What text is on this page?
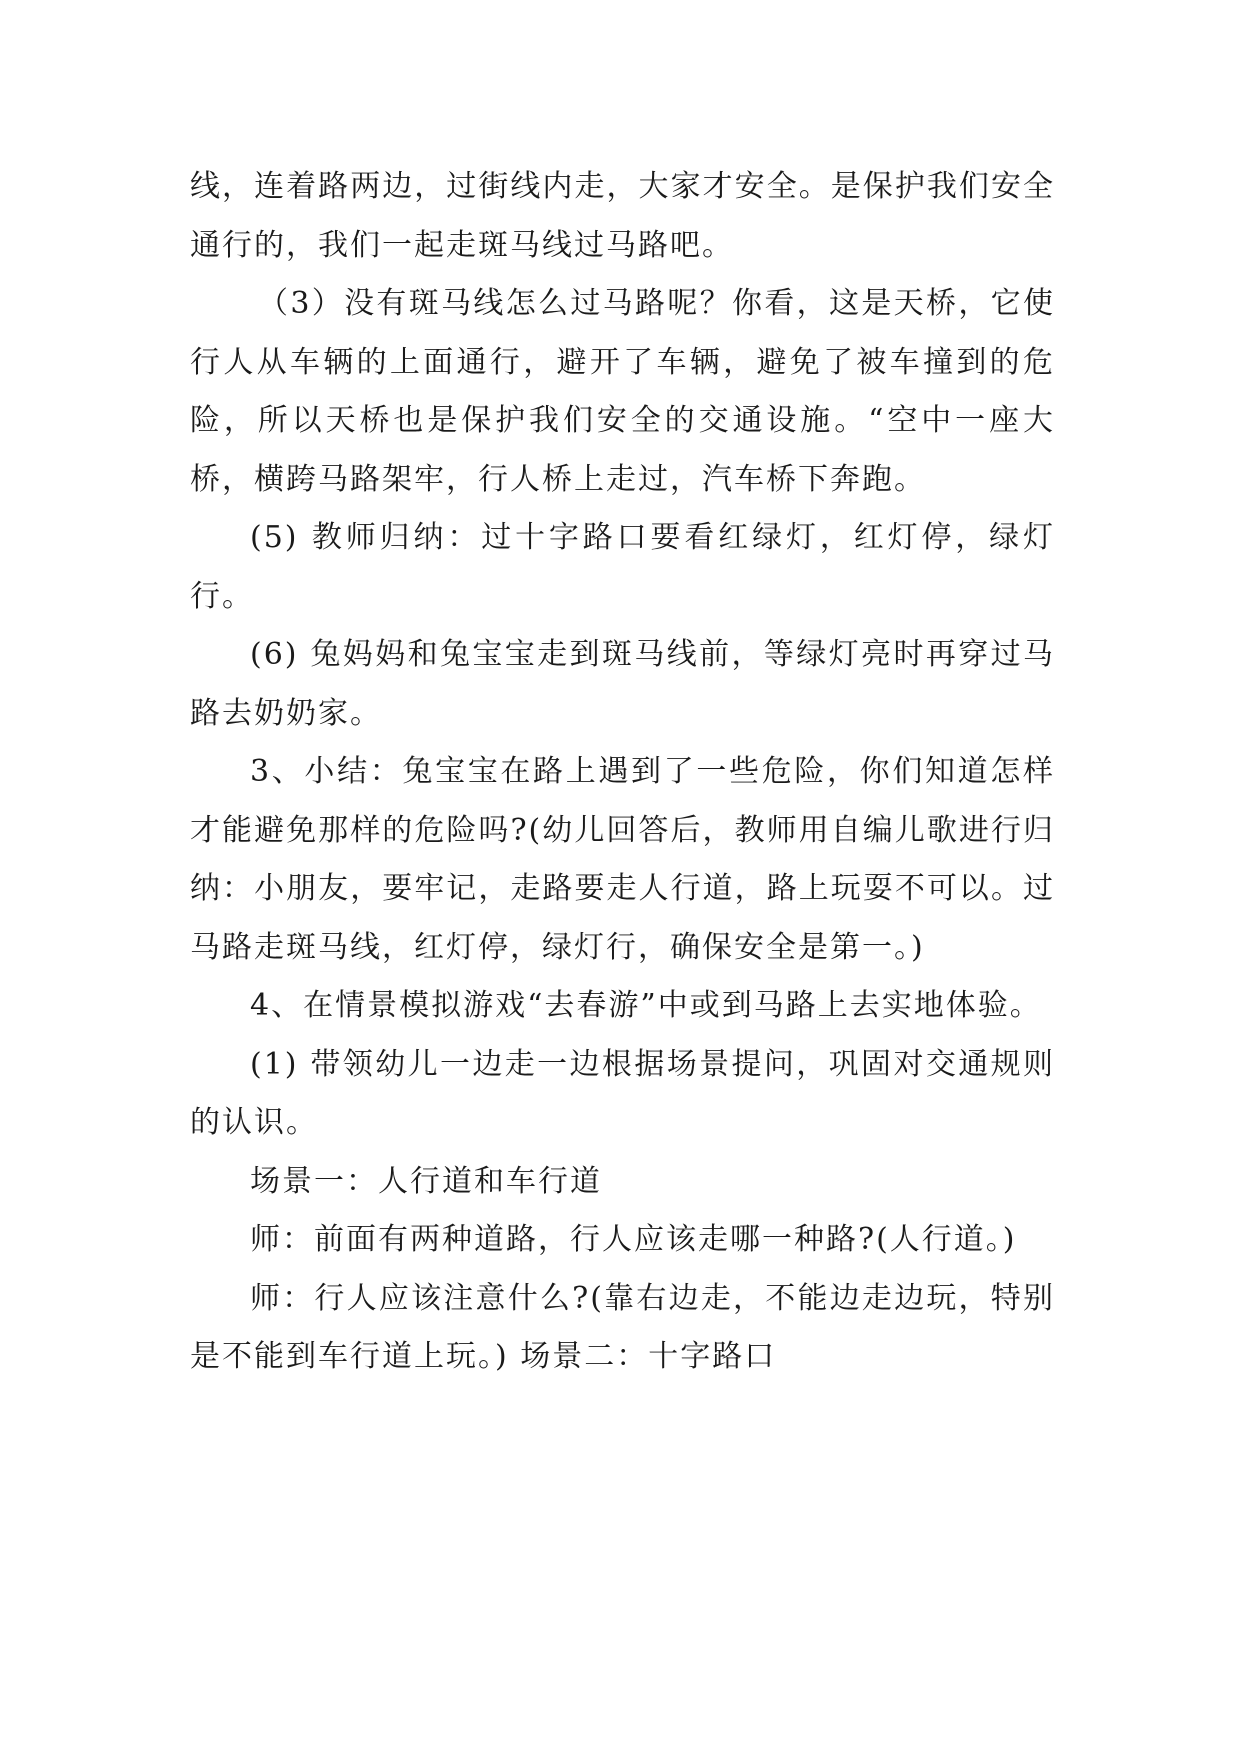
线，连着路两边，过街线内走，大家才安全。是保护我们安全通行的，我们一起走斑马线过马路吧。

（3）没有斑马线怎么过马路呢？你看，这是天桥，它使行人从车辆的上面通行，避开了车辆，避免了被车撞到的危险，所以天桥也是保护我们安全的交通设施。“空中一座大桥，横跨马路架牢，行人桥上走过，汽车桥下奔跑。

(5) 教师归纳：过十字路口要看红绿灯，红灯停，绿灯行。

(6) 兔妈妈和兔宝宝走到斑马线前，等绿灯亮时再穿过马路去奶奶家。

3、小结：兔宝宝在路上遇到了一些危险，你们知道怎样才能避免那样的危险吗?(幼儿回答后，教师用自编儿歌进行归纳：小朋友，要牢记，走路要走人行道，路上玩耍不可以。过马路走斑马线，红灯停，绿灯行，确保安全是第一。)

4、在情景模拟游戏“去春游”中或到马路上去实地体验。

(1) 带领幼儿一边走一边根据场景提问，巩固对交通规则的认识。

场景一：人行道和车行道

师：前面有两种道路，行人应该走哪一种路?(人行道。)

师：行人应该注意什么?(靠右边走，不能边走边玩，特别是不能到车行道上玩。) 场景二：十字路口
